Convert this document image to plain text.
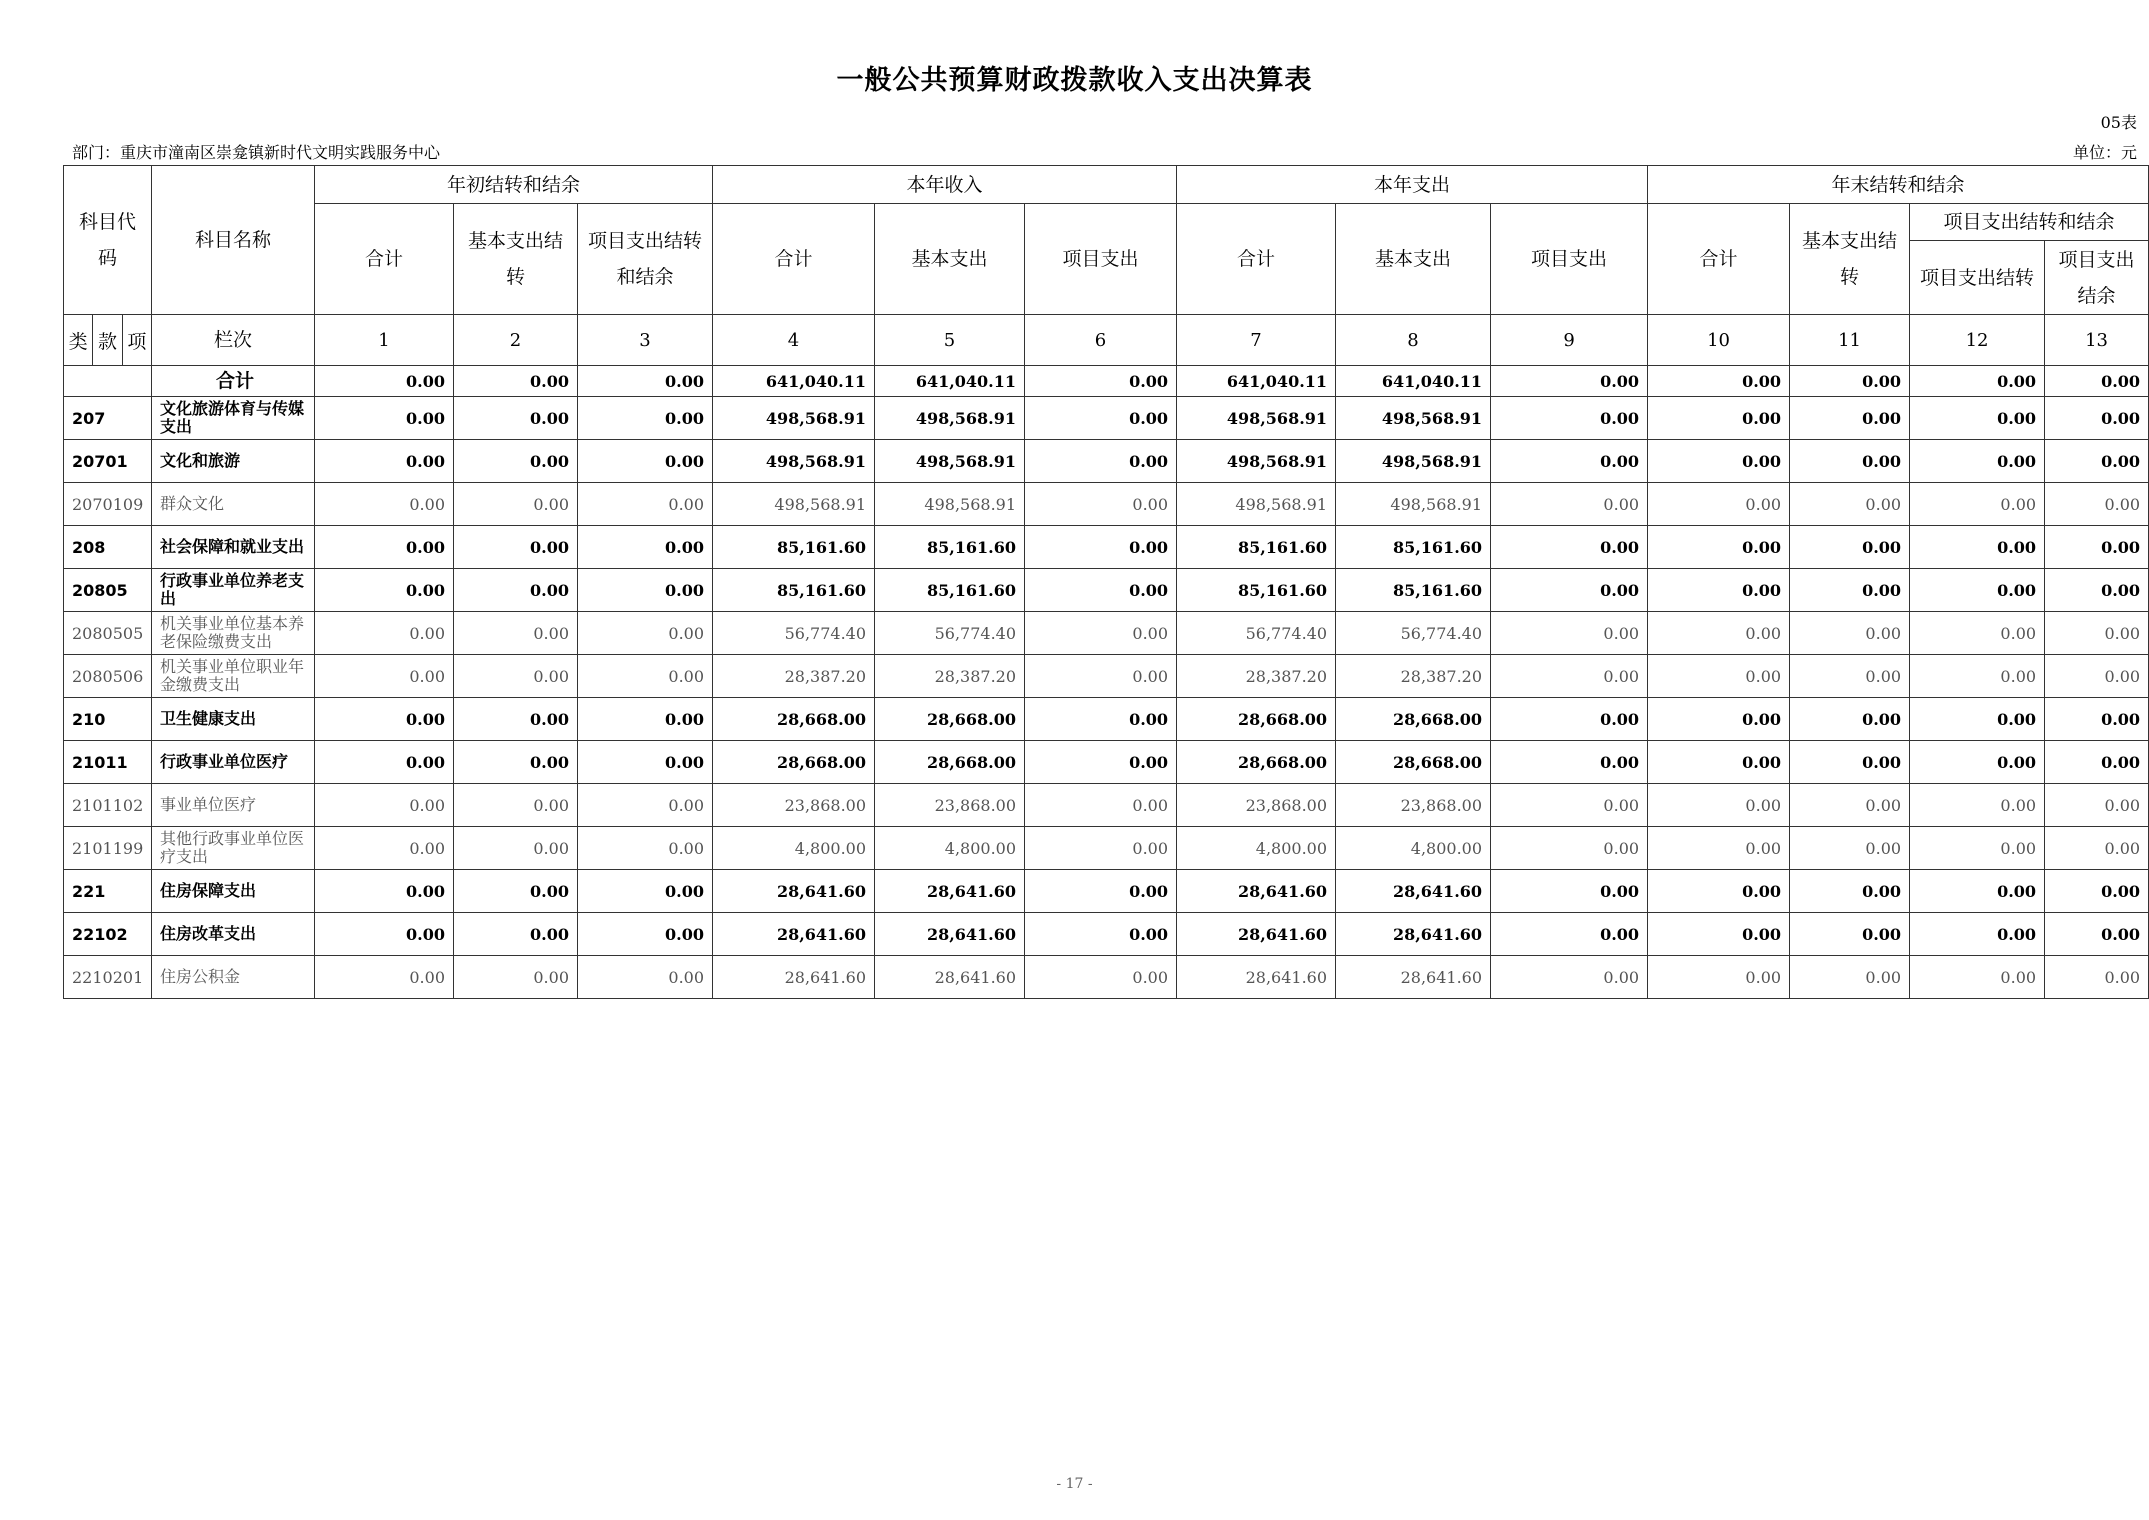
一般公共预算财政拨款收入支出决算表
05表
部门：重庆市潼南区崇龛镇新时代文明实践服务中心	单位：元
科目代码	科目名称	年初结转和结余			本年收入			本年支出			年末结转和结余			
		合计	基本支出结转	项目支出结转和结余	合计	基本支出	项目支出	合计	基本支出	项目支出	合计	基本支出结转	项目支出结转和结余	
													项目支出结转	项目支出结余

类 款 项	栏次	1	2	3	4	5	6	7	8	9	10	11	12	13
	合计	0.00	0.00	0.00	641,040.11	641,040.11	0.00	641,040.11	641,040.11	0.00	0.00	0.00	0.00	0.00
207	文化旅游体育与传媒支出	0.00	0.00	0.00	498,568.91	498,568.91	0.00	498,568.91	498,568.91	0.00	0.00	0.00	0.00	0.00
20701	文化和旅游	0.00	0.00	0.00	498,568.91	498,568.91	0.00	498,568.91	498,568.91	0.00	0.00	0.00	0.00	0.00
2070109	群众文化	0.00	0.00	0.00	498,568.91	498,568.91	0.00	498,568.91	498,568.91	0.00	0.00	0.00	0.00	0.00
208	社会保障和就业支出	0.00	0.00	0.00	85,161.60	85,161.60	0.00	85,161.60	85,161.60	0.00	0.00	0.00	0.00	0.00
20805	行政事业单位养老支出	0.00	0.00	0.00	85,161.60	85,161.60	0.00	85,161.60	85,161.60	0.00	0.00	0.00	0.00	0.00
2080505	机关事业单位基本养老保险缴费支出	0.00	0.00	0.00	56,774.40	56,774.40	0.00	56,774.40	56,774.40	0.00	0.00	0.00	0.00	0.00
2080506	机关事业单位职业年金缴费支出	0.00	0.00	0.00	28,387.20	28,387.20	0.00	28,387.20	28,387.20	0.00	0.00	0.00	0.00	0.00
210	卫生健康支出	0.00	0.00	0.00	28,668.00	28,668.00	0.00	28,668.00	28,668.00	0.00	0.00	0.00	0.00	0.00
21011	行政事业单位医疗	0.00	0.00	0.00	28,668.00	28,668.00	0.00	28,668.00	28,668.00	0.00	0.00	0.00	0.00	0.00
2101102	事业单位医疗	0.00	0.00	0.00	23,868.00	23,868.00	0.00	23,868.00	23,868.00	0.00	0.00	0.00	0.00	0.00
2101199	其他行政事业单位医疗支出	0.00	0.00	0.00	4,800.00	4,800.00	0.00	4,800.00	4,800.00	0.00	0.00	0.00	0.00	0.00
221	住房保障支出	0.00	0.00	0.00	28,641.60	28,641.60	0.00	28,641.60	28,641.60	0.00	0.00	0.00	0.00	0.00
22102	住房改革支出	0.00	0.00	0.00	28,641.60	28,641.60	0.00	28,641.60	28,641.60	0.00	0.00	0.00	0.00	0.00
2210201	住房公积金	0.00	0.00	0.00	28,641.60	28,641.60	0.00	28,641.60	28,641.60	0.00	0.00	0.00	0.00	0.00
- 17 -
